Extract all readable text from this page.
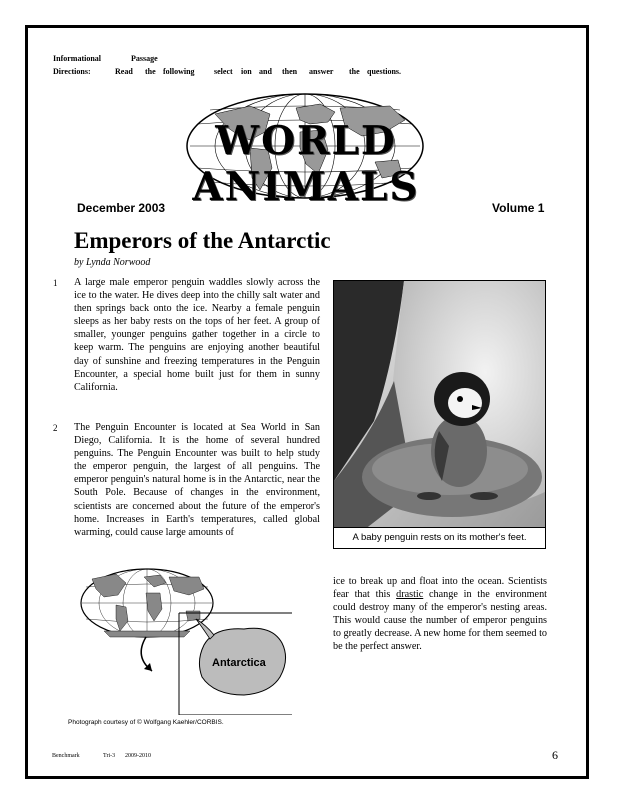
Informational	Passage
Directions:	Read the following select ion and then answer the questions.
WORLD ANIMALS
December 2003	Volume 1
Emperors of the Antarctic
by Lynda Norwood
1 A large male emperor penguin waddles slowly across the ice to the water. He dives deep into the chilly salt water and then springs back onto the ice. Nearby a female penguin sleeps as her baby rests on the tops of her feet. A group of smaller, younger penguins gather together in a circle to keep warm. The penguins are enjoying another beautiful day of sunshine and freezing temperatures in the Penguin Encounter, a special home built just for them in sunny California.
2 The Penguin Encounter is located at Sea World in San Diego, California. It is the home of several hundred penguins. The Penguin Encounter was built to help study the emperor penguin, the largest of all penguins. The emperor penguin's natural home is in the Antarctic, near the South Pole. Because of changes in the environment, scientists are concerned about the future of the emperor's home. Increases in Earth's temperatures, called global warming, could cause large amounts of	A baby penguin rests on its mother's feet.
Antarctica
ice to break up and float into the ocean. Scientists fear that this drastic change in the environment could destroy many of the emperor's nesting areas. This would cause the number of emperor penguins to greatly decrease. A new home for them seemed to be the perfect answer.
Photograph courtesy of © Wolfgang Kaehler/CORBIS.
Benchmark	Tri-3 2009-2010	6
